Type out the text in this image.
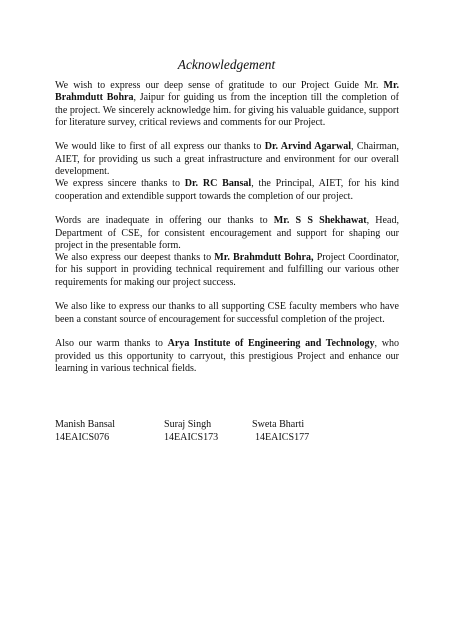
Acknowledgement

We wish to express our deep sense of gratitude to our Project Guide Mr. Mr. Brahmdutt Bohra, Jaipur for guiding us from the inception till the completion of the project. We sincerely acknowledge him. for giving his valuable guidance, support for literature survey, critical reviews and comments for our Project.

We would like to first of all express our thanks to Dr. Arvind Agarwal, Chairman, AIET, for providing us such a great infrastructure and environment for our overall development.

We express sincere thanks to Dr. RC Bansal, the Principal, AIET, for his kind cooperation and extendible support towards the completion of our project.

Words are inadequate in offering our thanks to Mr. S S Shekhawat, Head, Department of CSE, for consistent encouragement and support for shaping our project in the presentable form.

We also express our deepest thanks to Mr. Brahmdutt Bohra, Project Coordinator, for his support in providing technical requirement and fulfilling our various other requirements for making our project success.

We also like to express our thanks to all supporting CSE faculty members who have been a constant source of encouragement for successful completion of the project.

Also our warm thanks to Arya Institute of Engineering and Technology, who provided us this opportunity to carryout, this prestigious Project and enhance our learning in various technical fields.

Manish Bansal
14EAICS076
Suraj Singh
14EAICS173
Sweta Bharti
14EAICS177
